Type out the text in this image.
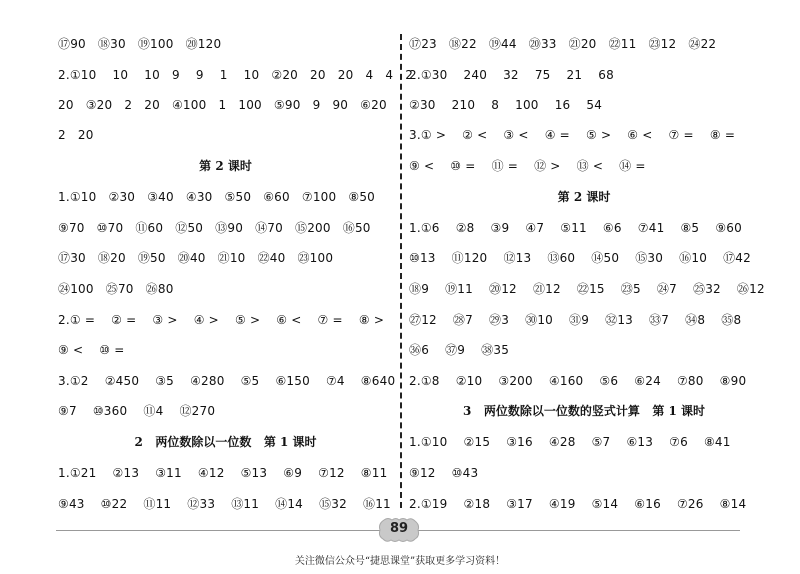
⑰90   ⑱30   ⑲100   ⑳120
2.①10    10    10   9    9    1    10   ②20   20   20   4   4   2
20   ③20   2   20   ④100   1   100   ⑤90   9   90   ⑥20
2   20
第 2 课时
1.①10   ②30   ③40   ④30   ⑤50   ⑥60   ⑦100   ⑧50
⑨70   ⑩70   ⑪60   ⑫50   ⑬90   ⑭70   ⑮200   ⑯50
⑰30   ⑱20   ⑲50   ⑳40   ㉑10   ㉒40   ㉓100
㉔100   ㉕70   ㉖80
2.① =    ② =    ③ >    ④ >    ⑤ >    ⑥ <    ⑦ =    ⑧ >
⑨ <    ⑩ =
3.①2    ②450    ③5    ④280    ⑤5    ⑥150    ⑦4    ⑧640
⑨7    ⑩360    ⑪4    ⑫270
2   两位数除以一位数   第 1 课时
1.①21    ②13    ③11    ④12    ⑤13    ⑥9    ⑦12    ⑧11
⑨43    ⑩22    ⑪11    ⑫33    ⑬11    ⑭14    ⑮32    ⑯11
⑰23   ⑱22   ⑲44   ⑳33   ㉑20   ㉒11   ㉓12   ㉔22
2.①30    240    32    75    21    68
②30    210    8    100    16    54
3.① >    ② <    ③ <    ④ =    ⑤ >    ⑥ <    ⑦ =    ⑧ =
⑨ <    ⑩ =    ⑪ =    ⑫ >    ⑬ <    ⑭ =
第 2 课时
1.①6    ②8    ③9    ④7    ⑤11    ⑥6    ⑦41    ⑧5    ⑨60
⑩13    ⑪120    ⑫13    ⑬60    ⑭50    ⑮30    ⑯10    ⑰42
⑱9    ⑲11    ⑳12    ㉑12    ㉒15    ㉓5    ㉔7    ㉕32    ㉖12
㉗12    ㉘7    ㉙3    ㉚10    ㉛9    ㉜13    ㉝7    ㉞8    ㉟8
㊱6    ㊲9    ㊳35
2.①8    ②10    ③200    ④160    ⑤6    ⑥24    ⑦80    ⑧90
3   两位数除以一位数的竖式计算   第 1 课时
1.①10    ②15    ③16    ④28    ⑤7    ⑥13    ⑦6    ⑧41
⑨12    ⑩43
2.①19    ②18    ③17    ④19    ⑤14    ⑥16    ⑦26    ⑧14
89
关注微信公众号“捷思课堂”获取更多学习资料！
